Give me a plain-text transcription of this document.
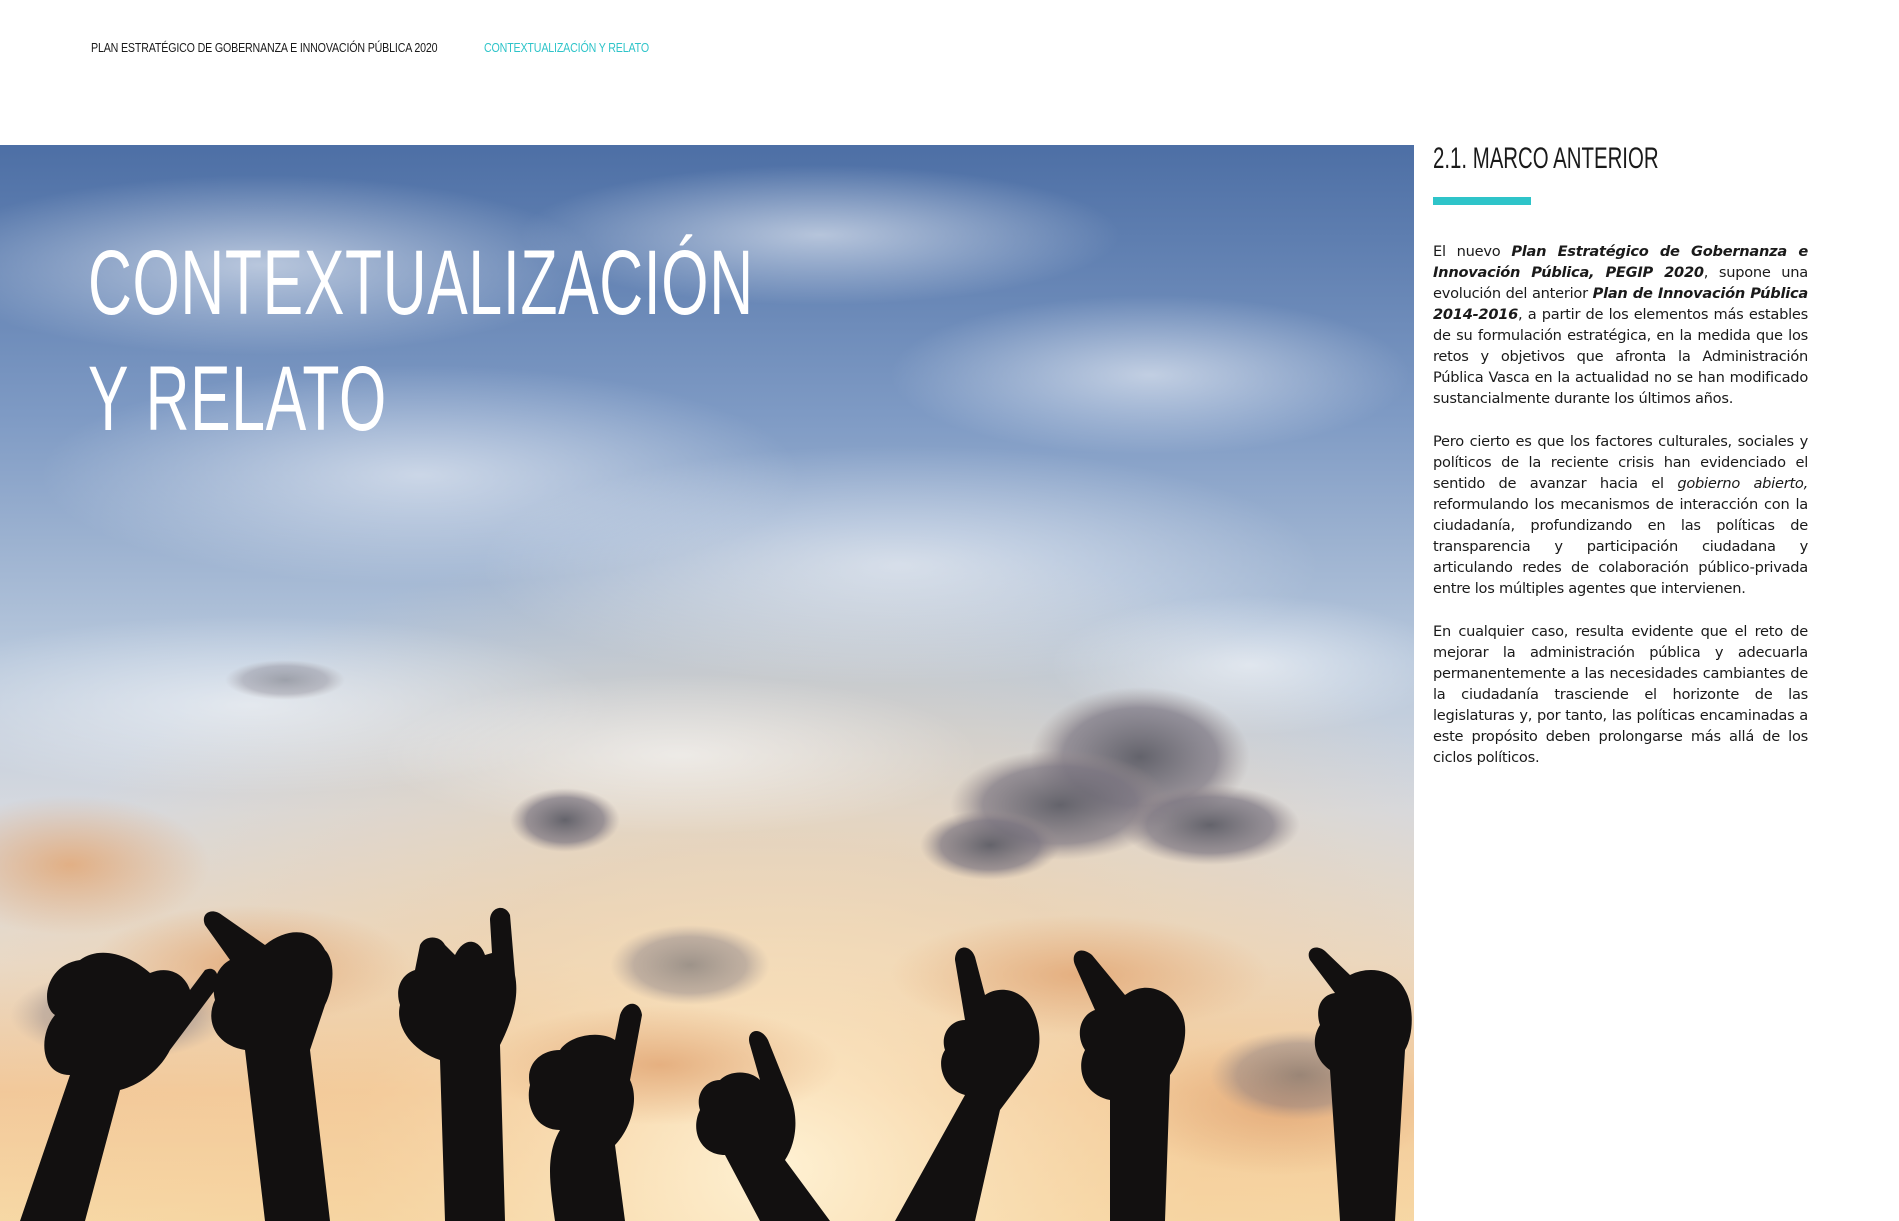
PLAN ESTRATÉGICO DE GOBERNANZA E INNOVACIÓN PÚBLICA 2020	CONTEXTUALIZACIÓN Y RELATO
CONTEXTUALIZACIÓN
Y RELATO
2.1. MARCO ANTERIOR

El nuevo Plan Estratégico de Gobernanza e Innovación Pública, PEGIP 2020, supone una evolución del anterior Plan de Innovación Pública 2014-2016, a partir de los elementos más estables de su formulación estratégica, en la medida que los retos y objetivos que afronta la Administración Pública Vasca en la actualidad no se han modificado sustancialmente durante los últimos años.

Pero cierto es que los factores culturales, sociales y políticos de la reciente crisis han evidenciado el sentido de avanzar hacia el gobierno abierto, reformulando los mecanismos de interacción con la ciudadanía, profundizando en las políticas de transparencia y participación ciudadana y articulando redes de colaboración público-privada entre los múltiples agentes que intervienen.

En cualquier caso, resulta evidente que el reto de mejorar la administración pública y adecuarla permanentemente a las necesidades cambiantes de la ciudadanía trasciende el horizonte de las legislaturas y, por tanto, las políticas encaminadas a este propósito deben prolongarse más allá de los ciclos políticos.
